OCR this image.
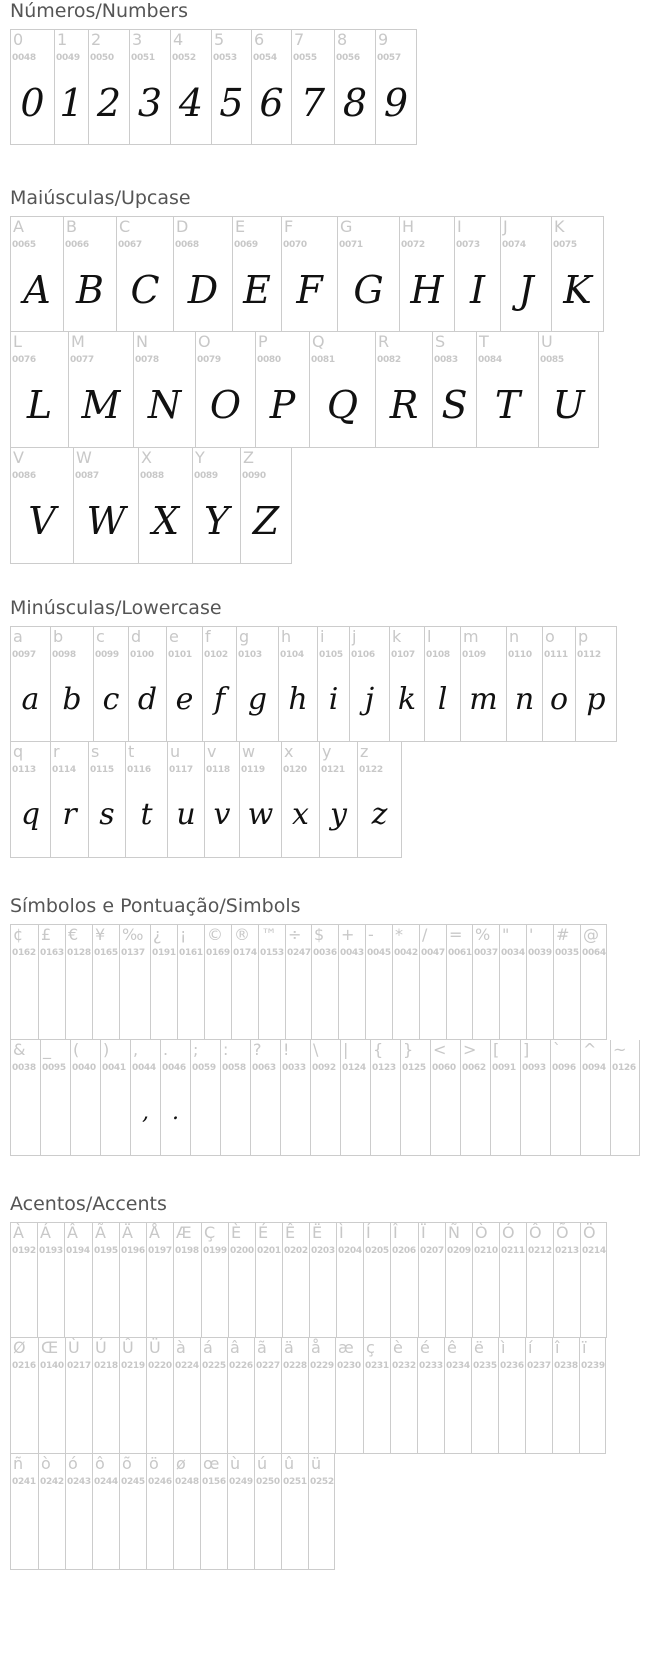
Números/Numbers
0
0048
0
1
0049
1
2
0050
2
3
0051
3
4
0052
4
5
0053
5
6
0054
6
7
0055
7
8
0056
8
9
0057
9
Maiúsculas/Upcase
A
0065
A
B
0066
B
C
0067
C
D
0068
D
E
0069
E
F
0070
F
G
0071
G
H
0072
H
I
0073
I
J
0074
J
K
0075
K
L
0076
L
M
0077
M
N
0078
N
O
0079
O
P
0080
P
Q
0081
Q
R
0082
R
S
0083
S
T
0084
T
U
0085
U
V
0086
V
W
0087
W
X
0088
X
Y
0089
Y
Z
0090
Z
Minúsculas/Lowercase
a
0097
a
b
0098
b
c
0099
c
d
0100
d
e
0101
e
f
0102
f
g
0103
g
h
0104
h
i
0105
i
j
0106
j
k
0107
k
l
0108
l
m
0109
m
n
0110
n
o
0111
o
p
0112
p
q
0113
q
r
0114
r
s
0115
s
t
0116
t
u
0117
u
v
0118
v
w
0119
w
x
0120
x
y
0121
y
z
0122
z
Símbolos e Pontuação/Simbols
¢
0162
£
0163
€
0128
¥
0165
‰
0137
¿
0191
¡
0161
©
0169
®
0174
™
0153
÷
0247
$
0036
+
0043
-
0045
*
0042
/
0047
=
0061
%
0037
"
0034
'
0039
#
0035
@
0064
&
0038
_
0095
(
0040
)
0041
,
0044
,
.
0046
.
;
0059
:
0058
?
0063
!
0033
\
0092
|
0124
{
0123
}
0125
<
0060
>
0062
[
0091
]
0093
`
0096
^
0094
~
0126
Acentos/Accents
À
0192
Á
0193
Â
0194
Ã
0195
Ä
0196
Å
0197
Æ
0198
Ç
0199
È
0200
É
0201
Ê
0202
Ë
0203
Ì
0204
Í
0205
Î
0206
Ï
0207
Ñ
0209
Ò
0210
Ó
0211
Ô
0212
Õ
0213
Ö
0214
Ø
0216
Œ
0140
Ù
0217
Ú
0218
Û
0219
Ü
0220
à
0224
á
0225
â
0226
ã
0227
ä
0228
å
0229
æ
0230
ç
0231
è
0232
é
0233
ê
0234
ë
0235
ì
0236
í
0237
î
0238
ï
0239
ñ
0241
ò
0242
ó
0243
ô
0244
õ
0245
ö
0246
ø
0248
œ
0156
ù
0249
ú
0250
û
0251
ü
0252
